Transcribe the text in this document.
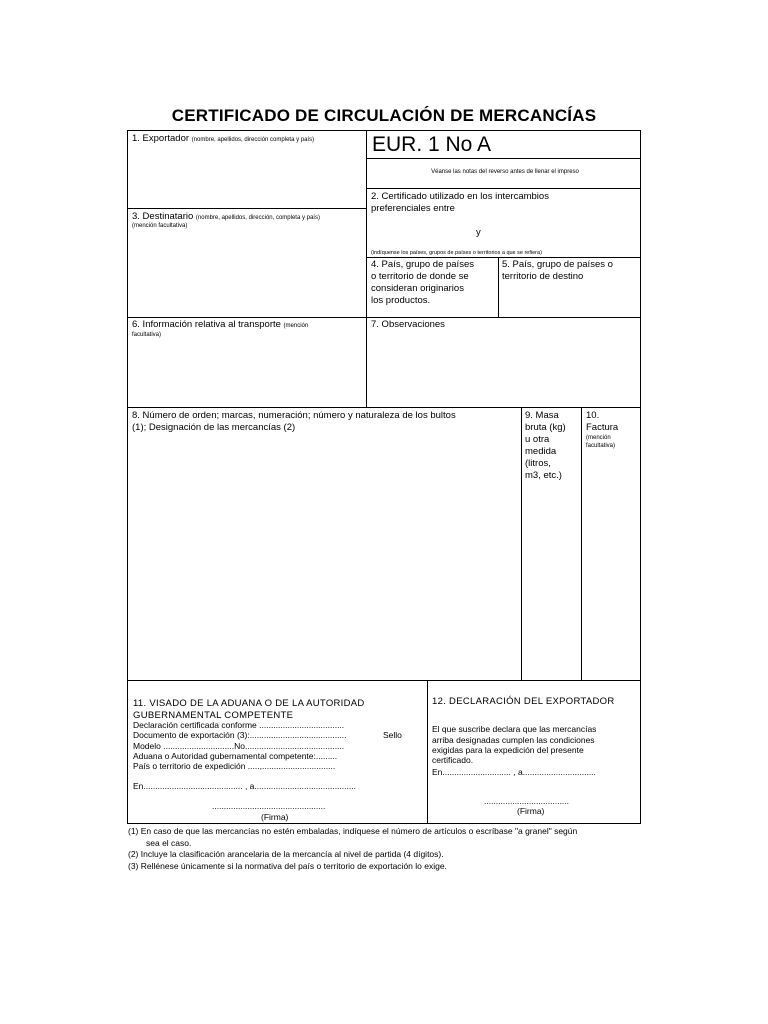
CERTIFICADO DE CIRCULACIÓN DE MERCANCÍAS
1. Exportador (nombre, apellidos, dirección completa y país)	EUR. 1 No A
Véanse las notas del reverso antes de llenar el impreso
2. Certificado utilizado en los intercambios
preferenciales entre
y
(indíquense los países, grupos de países o territorios a que se refiera)
3. Destinatario (nombre, apellidos, dirección, completa y país)
(mención facultativa)
4. País, grupo de países
o territorio de donde se
consideran originarios
los productos.
5. País, grupo de países o
territorio de destino
6. Información relativa al transporte (mención
facultativa)
7. Observaciones
8. Número de orden; marcas, numeración; número y naturaleza de los bultos
(1); Designación de las mercancías (2)
9. Masa
bruta (kg)
u otra
medida
(litros,
m3, etc.)
10.
Factura
(mención
facultativa)
11. VISADO DE LA ADUANA O DE LA AUTORIDAD
GUBERNAMENTAL COMPETENTE
Declaración certificada conforme ....................................
Documento de exportación (3):.........................................
Modelo ..............................No..........................................
Aduana o Autoridad gubernamental competente:.........
País o territorio de expedición .....,...............................
Sello
En.......................................... , a...........................................
................................................
(Firma)
12. DECLARACIÓN DEL EXPORTADOR
El que suscribe declara que las mercancías
arriba designadas cumplen las condiciones
exigidas para la expedición del presente
certificado.
En............................. , a...............................
....................................
(Firma)
(1) En caso de que las mercancías no estén embaladas, indíquese el número de artículos o escríbase "a granel" según
sea el caso.
(2) Incluye la clasificación arancelaria de la mercancía al nivel de partida (4 dígitos).
(3) Rellénese únicamente si la normativa del país o territorio de exportación lo exige.
